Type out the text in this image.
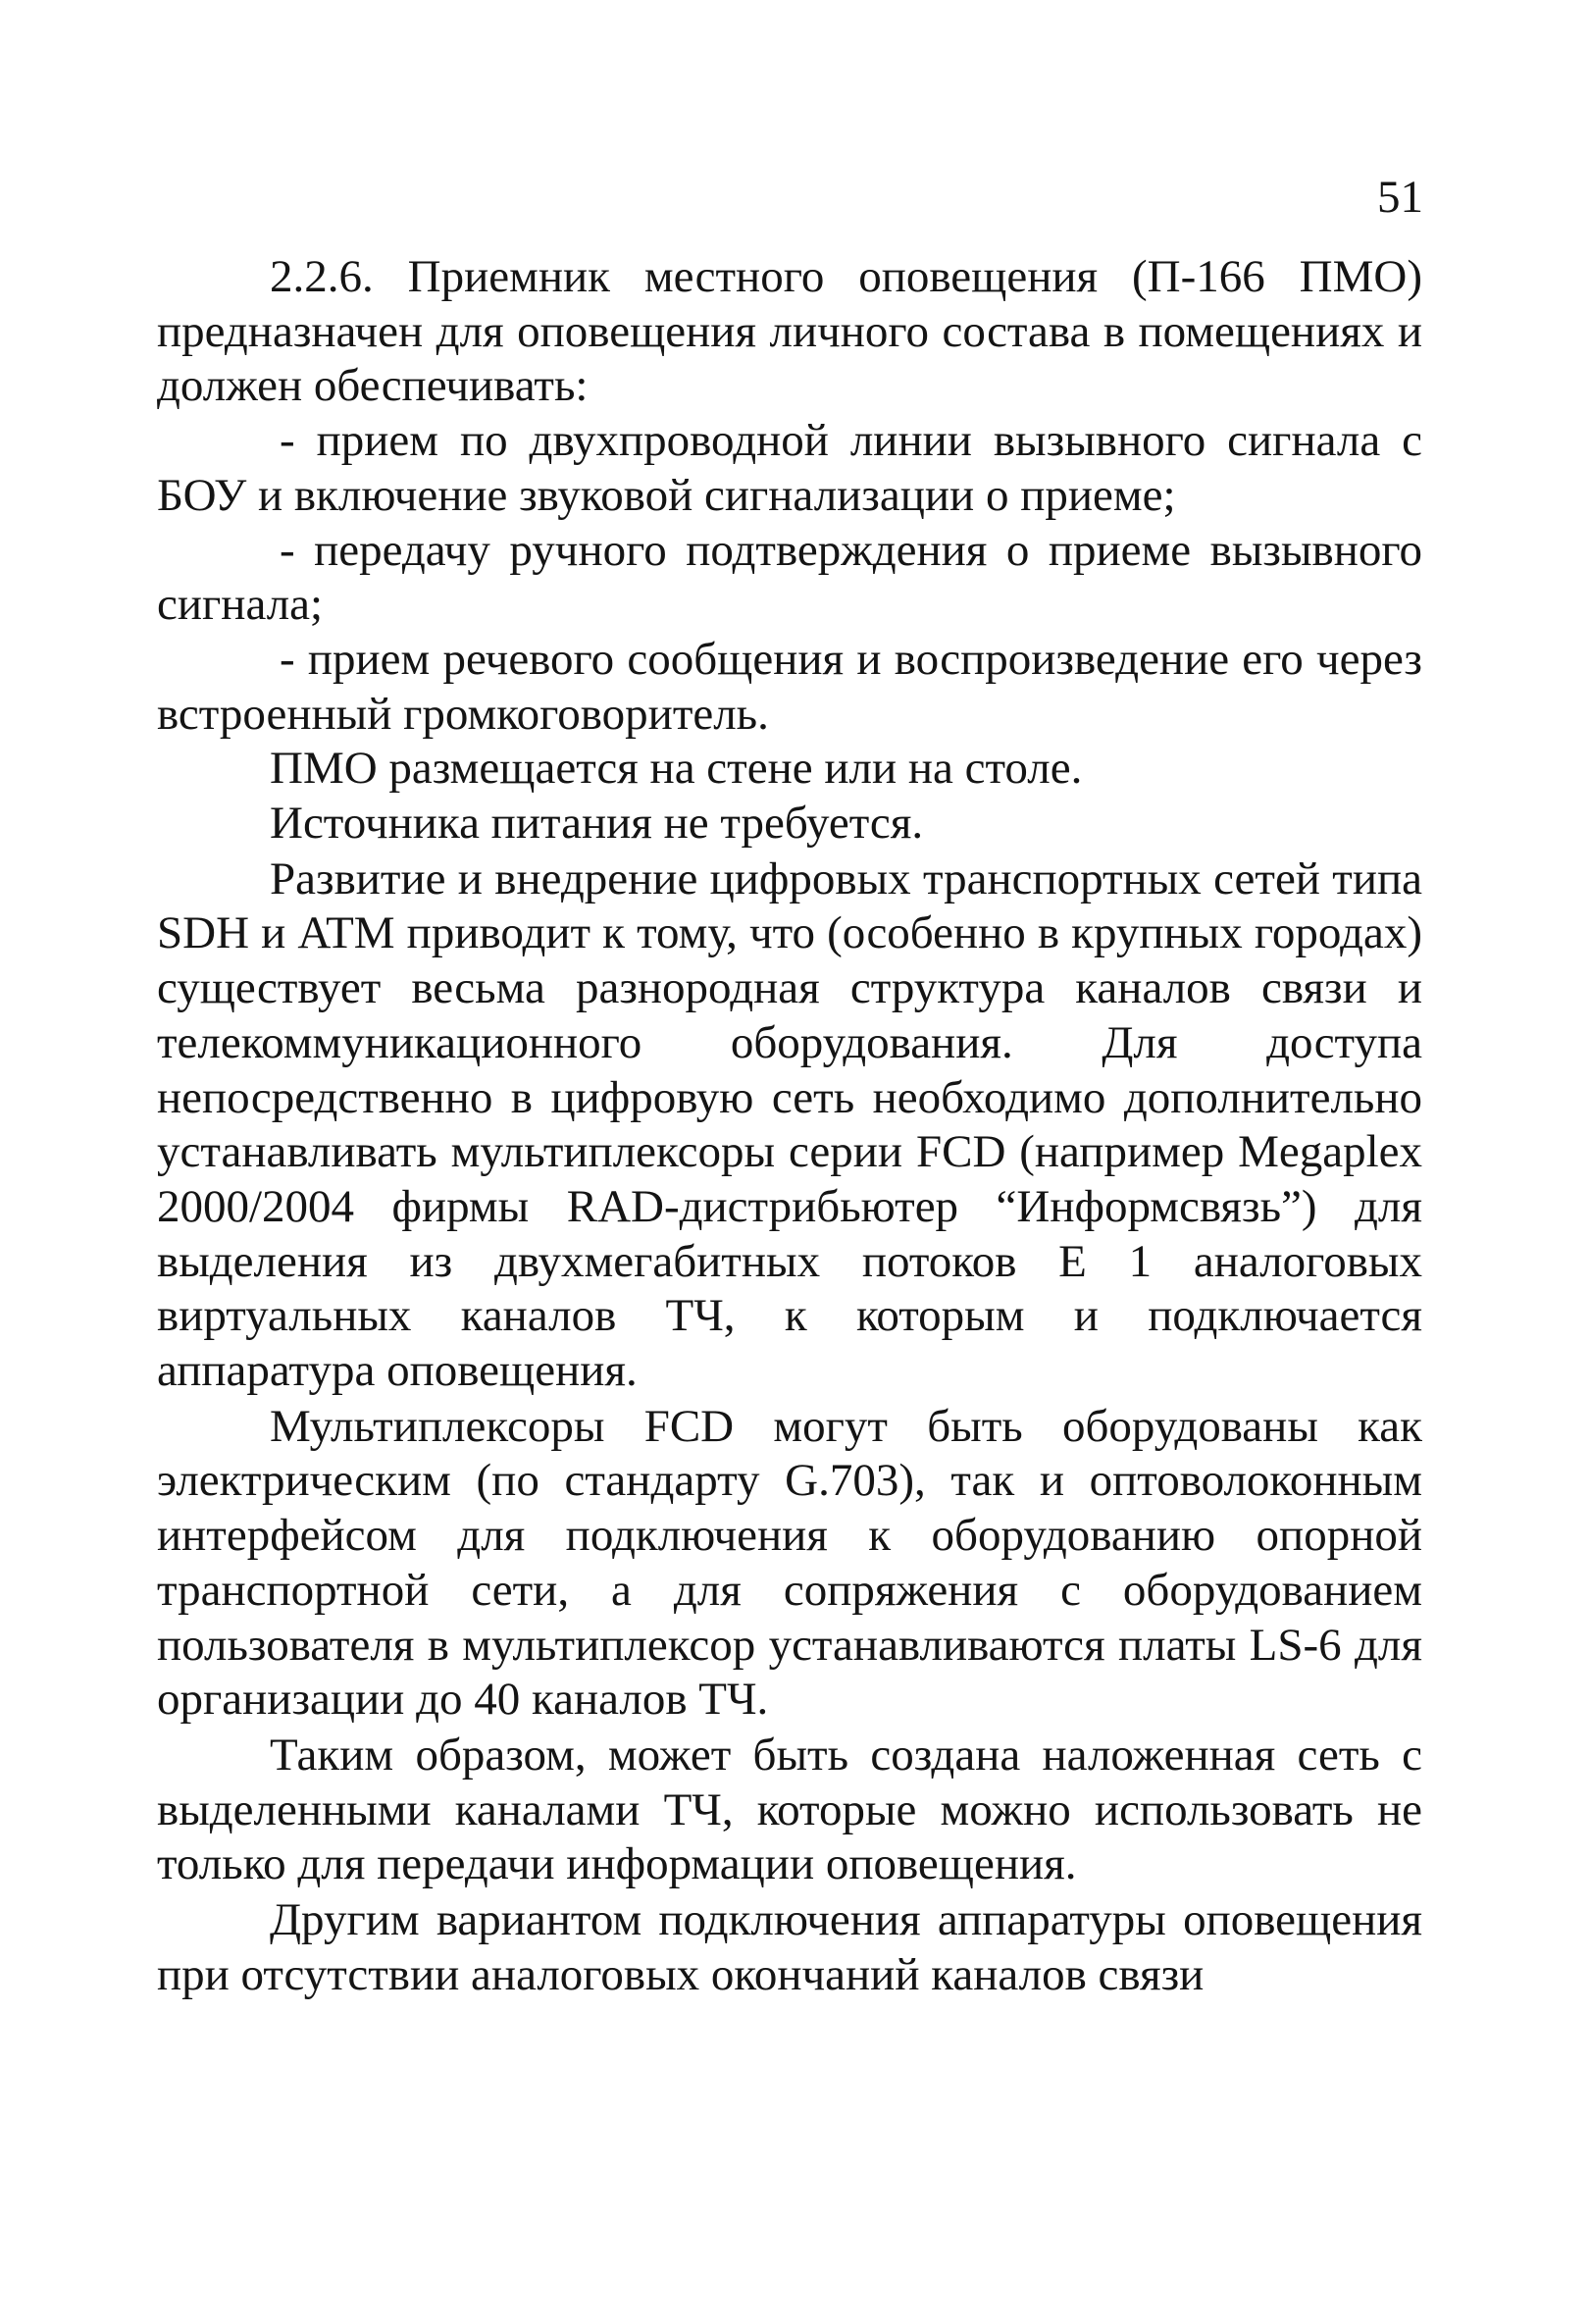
51

2.2.6. Приемник местного оповещения (П-166 ПМО) предназначен для оповещения личного состава в помещениях и должен обеспечивать:

- прием по двухпроводной линии вызывного сигнала с БОУ и включение звуковой сигнализации о приеме;

- передачу ручного подтверждения о приеме вызывного сигнала;

- прием речевого сообщения и воспроизведение его через встроенный громкоговоритель.

ПМО размещается на стене или на столе.

Источника питания не требуется.

Развитие и внедрение цифровых транспортных сетей типа SDH и ATM приводит к тому, что (особенно в крупных городах) существует весьма разнородная структура каналов связи и телекоммуникационного оборудования. Для доступа непосредственно в цифровую сеть необходимо дополнительно устанавливать мультиплексоры серии FCD (например Megaplex 2000/2004 фирмы RAD-дистрибьютер “Информсвязь”) для выделения из двухмегабитных потоков Е 1 аналоговых виртуальных каналов ТЧ, к которым и подключается аппаратура оповещения.

Мультиплексоры FCD могут быть оборудованы как электрическим (по стандарту G.703), так и оптоволоконным интерфейсом для подключения к оборудованию опорной транспортной сети, а для сопряжения с оборудованием пользователя в мультиплексор устанавливаются платы LS-6 для организации до 40 каналов ТЧ.

Таким образом, может быть создана наложенная сеть с выделенными каналами ТЧ, которые можно использовать не только для передачи информации оповещения.

Другим вариантом подключения аппаратуры оповещения при отсутствии аналоговых окончаний каналов связи
